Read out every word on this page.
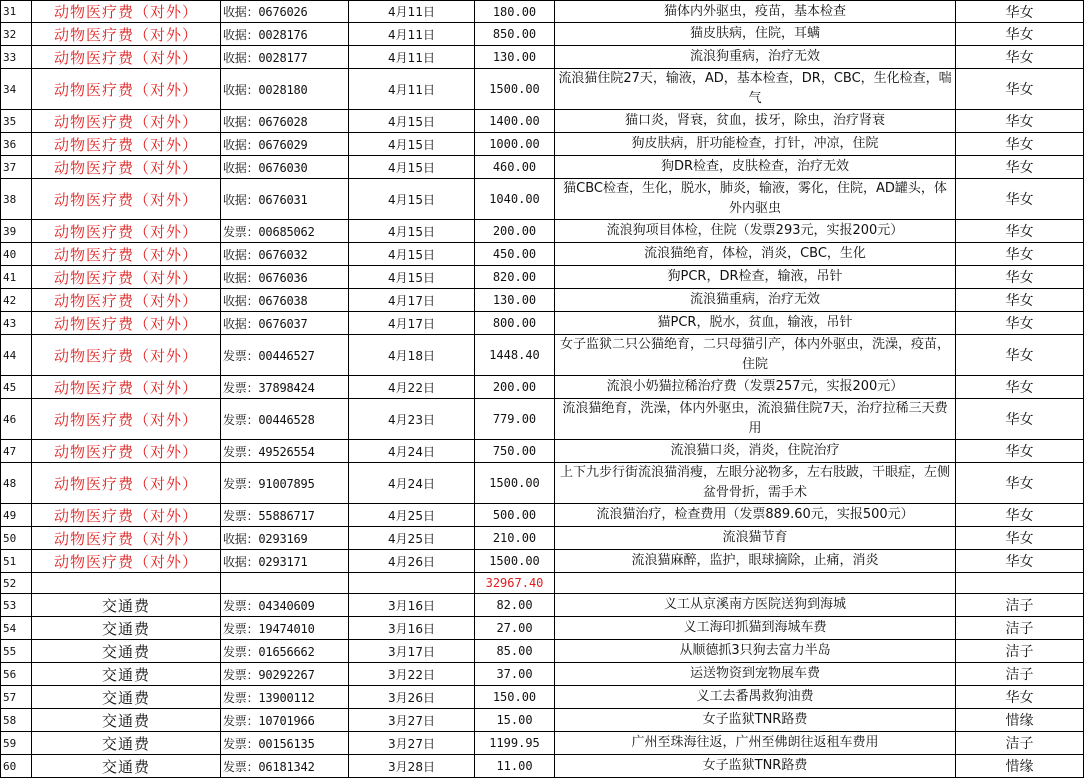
31	动物医疗费（对外）	收据：0676026	4月11日	180.00	猫体内外驱虫，疫苗，基本检查	华女
32	动物医疗费（对外）	收据：0028176	4月11日	850.00	猫皮肤病，住院，耳螨	华女
33	动物医疗费（对外）	收据：0028177	4月11日	130.00	流浪狗重病，治疗无效	华女
34	动物医疗费（对外）	收据：0028180	4月11日	1500.00	流浪猫住院27天，输液，AD，基本检查，DR，CBC，生化检查，喘气	华女
35	动物医疗费（对外）	收据：0676028	4月15日	1400.00	猫口炎，肾衰，贫血，拔牙，除虫，治疗肾衰	华女
36	动物医疗费（对外）	收据：0676029	4月15日	1000.00	狗皮肤病，肝功能检查，打针，冲凉，住院	华女
37	动物医疗费（对外）	收据：0676030	4月15日	460.00	狗DR检查，皮肤检查，治疗无效	华女
38	动物医疗费（对外）	收据：0676031	4月15日	1040.00	猫CBC检查，生化，脱水，肺炎，输液，雾化，住院，AD罐头，体外内驱虫	华女
39	动物医疗费（对外）	发票：00685062	4月15日	200.00	流浪狗项目体检，住院（发票293元，实报200元）	华女
40	动物医疗费（对外）	收据：0676032	4月15日	450.00	流浪猫绝育，体检，消炎，CBC，生化	华女
41	动物医疗费（对外）	收据：0676036	4月15日	820.00	狗PCR，DR检查，输液，吊针	华女
42	动物医疗费（对外）	收据：0676038	4月17日	130.00	流浪猫重病，治疗无效	华女
43	动物医疗费（对外）	收据：0676037	4月17日	800.00	猫PCR，脱水，贫血，输液，吊针	华女
44	动物医疗费（对外）	发票：00446527	4月18日	1448.40	女子监狱二只公猫绝育，二只母猫引产，体内外驱虫，洗澡，疫苗，住院	华女
45	动物医疗费（对外）	发票：37898424	4月22日	200.00	流浪小奶猫拉稀治疗费（发票257元，实报200元）	华女
46	动物医疗费（对外）	发票：00446528	4月23日	779.00	流浪猫绝育，洗澡，体内外驱虫，流浪猫住院7天，治疗拉稀三天费用	华女
47	动物医疗费（对外）	发票：49526554	4月24日	750.00	流浪猫口炎，消炎，住院治疗	华女
48	动物医疗费（对外）	发票：91007895	4月24日	1500.00	上下九步行街流浪猫消瘦，左眼分泌物多，左右肢跛，干眼症，左侧盆骨骨折，需手术	华女
49	动物医疗费（对外）	发票：55886717	4月25日	500.00	流浪猫治疗，检查费用（发票889.60元，实报500元）	华女
50	动物医疗费（对外）	收据：0293169	4月25日	210.00	流浪猫节育	华女
51	动物医疗费（对外）	收据：0293171	4月26日	1500.00	流浪猫麻醉，监护，眼球摘除，止痛，消炎	华女
52				32967.40		
53	交通费	发票：04340609	3月16日	82.00	义工从京溪南方医院送狗到海城	洁子
54	交通费	发票：19474010	3月16日	27.00	义工海印抓猫到海城车费	洁子
55	交通费	发票：01656662	3月17日	85.00	从顺德抓3只狗去富力半岛	洁子
56	交通费	发票：90292267	3月22日	37.00	运送物资到宠物展车费	洁子
57	交通费	发票：13900112	3月26日	150.00	义工去番禺救狗油费	华女
58	交通费	发票：10701966	3月27日	15.00	女子监狱TNR路费	惜缘
59	交通费	发票：00156135	3月27日	1199.95	广州至珠海往返，广州至佛朗往返租车费用	洁子
60	交通费	发票：06181342	3月28日	11.00	女子监狱TNR路费	惜缘
